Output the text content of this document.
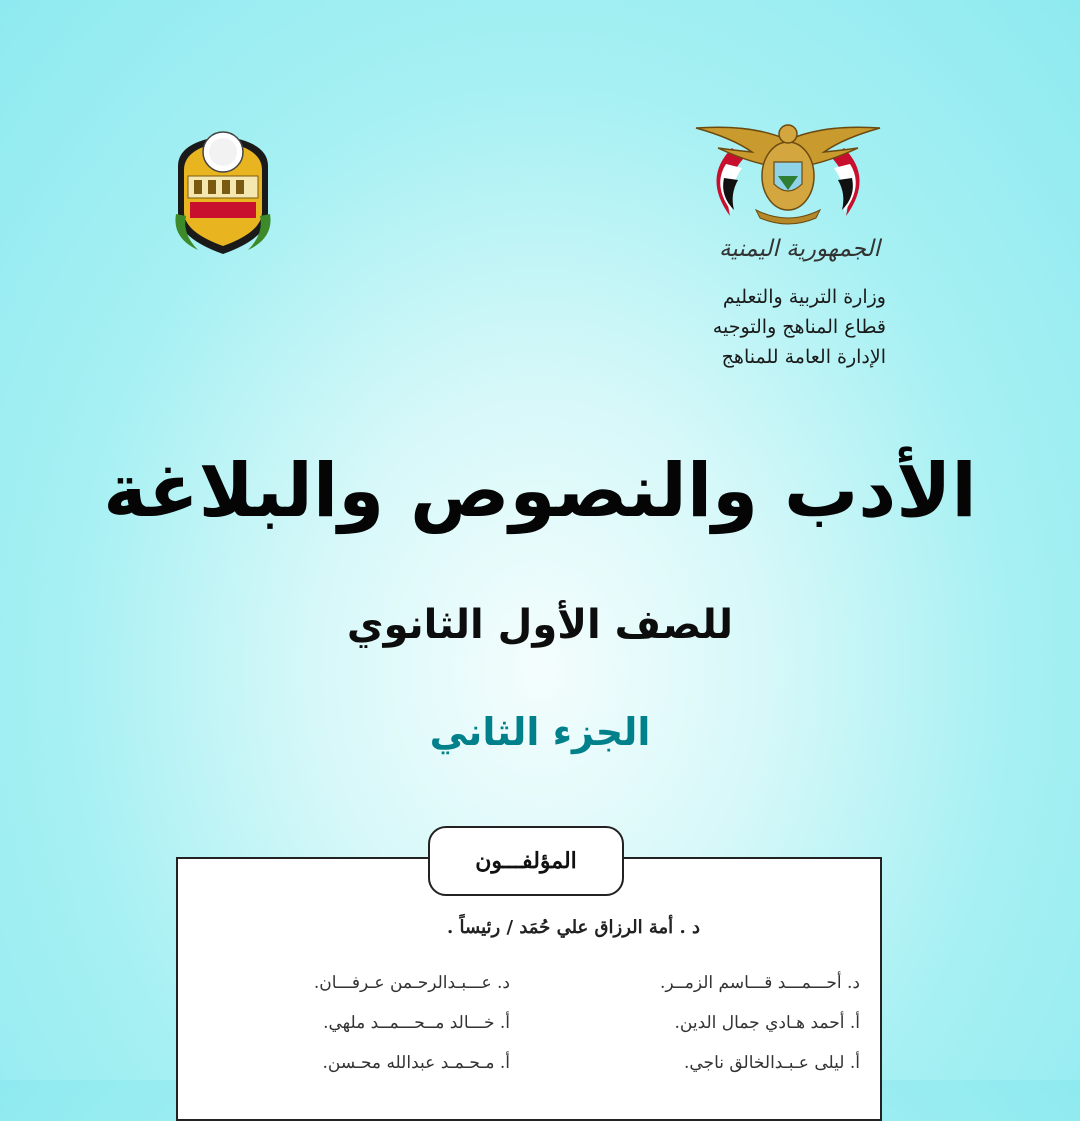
الجمهورية اليمنية
وزارة التربية والتعليم
قطاع المناهج والتوجيه
الإدارة العامة للمناهج
الأدب والنصوص والبلاغة
للصف الأول الثانوي
الجزء الثاني
المؤلفـــون
د . أمة الرزاق علي حُمَد / رئيساً .
د. أحـــمـــد قـــاسم الزمــر.
أ. أحمد هـادي جمال الدين.
أ. ليلى عـبـدالخالق ناجي.
د. عـــبـدالرحـمن عـرفـــان.
أ. خـــالد مــحـــمــد ملهي.
أ. مـحـمـد عبدالله محـسن.
